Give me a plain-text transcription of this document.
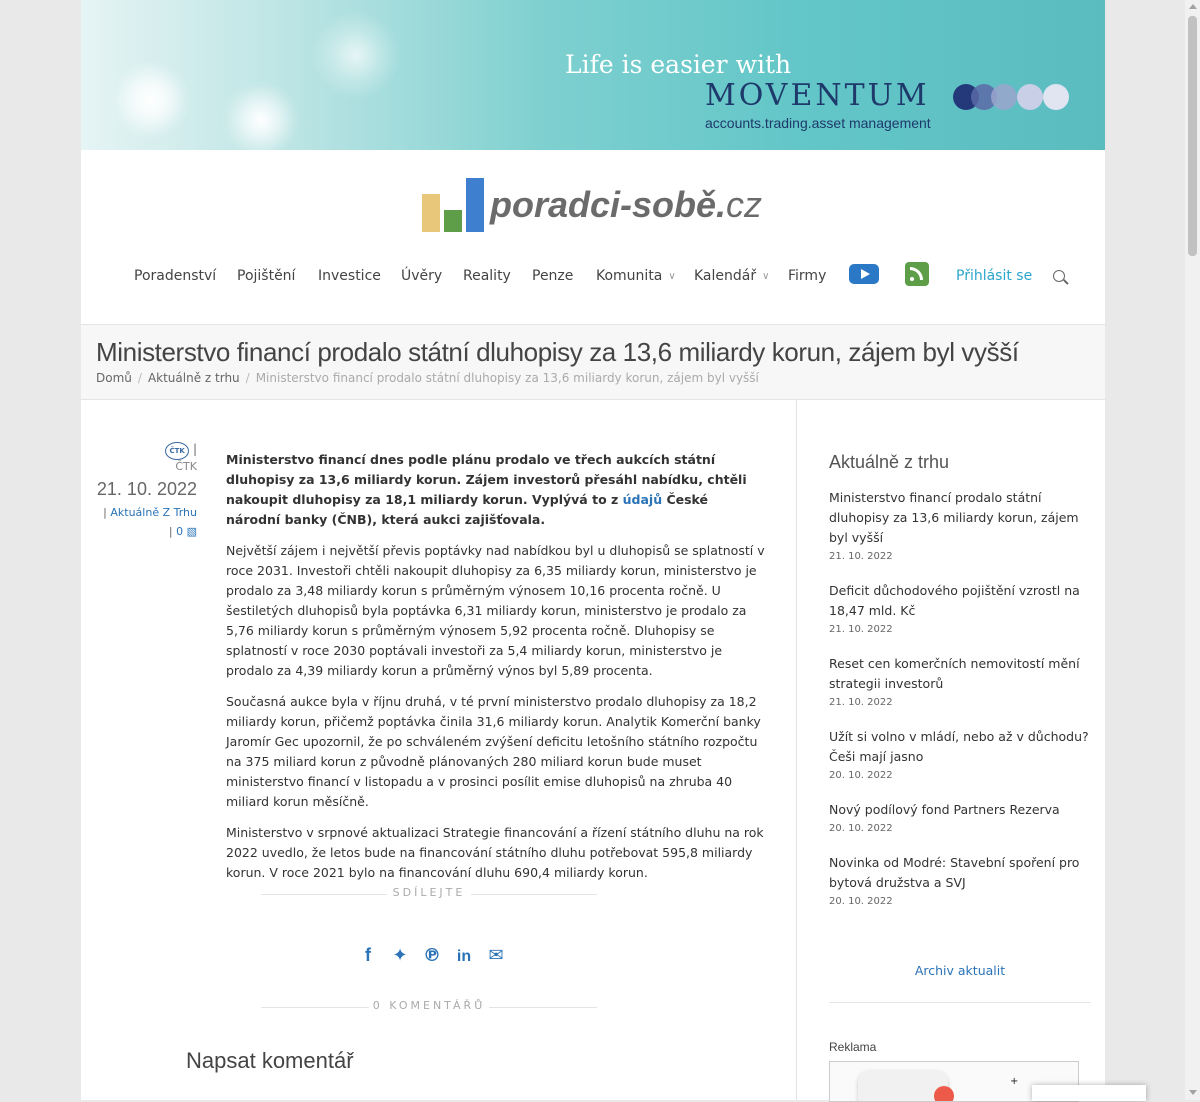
Life is easier with
MOVENTUM
accounts.trading.asset management
poradci-sobě.cz
Poradenství Pojištění Investice Úvěry Reality Penze Komunita ∨ Kalendář ∨ Firmy	Přihlásit se
Ministerstvo financí prodalo státní dluhopisy za 13,6 miliardy korun, zájem byl vyšší
Domů / Aktuálně z trhu / Ministerstvo financí prodalo státní dluhopisy za 13,6 miliardy korun, zájem byl vyšší
ČTK |
ČTK
21. 10. 2022
| Aktuálně Z Trhu
| 0 ▧

Ministerstvo financí dnes podle plánu prodalo ve třech aukcích státní dluhopisy za 13,6 miliardy korun. Zájem investorů přesáhl nabídku, chtěli nakoupit dluhopisy za 18,1 miliardy korun. Vyplývá to z údajů České národní banky (ČNB), která aukci zajišťovala.

Největší zájem i největší převis poptávky nad nabídkou byl u dluhopisů se splatností v roce 2031. Investoři chtěli nakoupit dluhopisy za 6,35 miliardy korun, ministerstvo je prodalo za 3,48 miliardy korun s průměrným výnosem 10,16 procenta ročně. U šestiletých dluhopisů byla poptávka 6,31 miliardy korun, ministerstvo je prodalo za 5,76 miliardy korun s průměrným výnosem 5,92 procenta ročně. Dluhopisy se splatností v roce 2030 poptávali investoři za 5,4 miliardy korun, ministerstvo je prodalo za 4,39 miliardy korun a průměrný výnos byl 5,89 procenta.

Současná aukce byla v říjnu druhá, v té první ministerstvo prodalo dluhopisy za 18,2 miliardy korun, přičemž poptávka činila 31,6 miliardy korun. Analytik Komerční banky Jaromír Gec upozornil, že po schváleném zvýšení deficitu letošního státního rozpočtu na 375 miliard korun z původně plánovaných 280 miliard korun bude muset ministerstvo financí v listopadu a v prosinci posílit emise dluhopisů na zhruba 40 miliard korun měsíčně.

Ministerstvo v srpnové aktualizaci Strategie financování a řízení státního dluhu na rok 2022 uvedlo, že letos bude na financování státního dluhu potřebovat 595,8 miliardy korun. V roce 2021 bylo na financování dluhu 690,4 miliardy korun.

SDÍLEJTE
f ✦ ℗ in ✉
0 KOMENTÁŘŮ
Napsat komentář
Aktuálně z trhu
Ministerstvo financí prodalo státní dluhopisy za 13,6 miliardy korun, zájem byl vyšší
21. 10. 2022
Deficit důchodového pojištění vzrostl na 18,47 mld. Kč
21. 10. 2022
Reset cen komerčních nemovitostí mění strategii investorů
21. 10. 2022
Užít si volno v mládí, nebo až v důchodu? Češi mají jasno
20. 10. 2022
Nový podílový fond Partners Rezerva
20. 10. 2022
Novinka od Modré: Stavební spoření pro bytová družstva a SVJ
20. 10. 2022
Archiv aktualit
Reklama
+
